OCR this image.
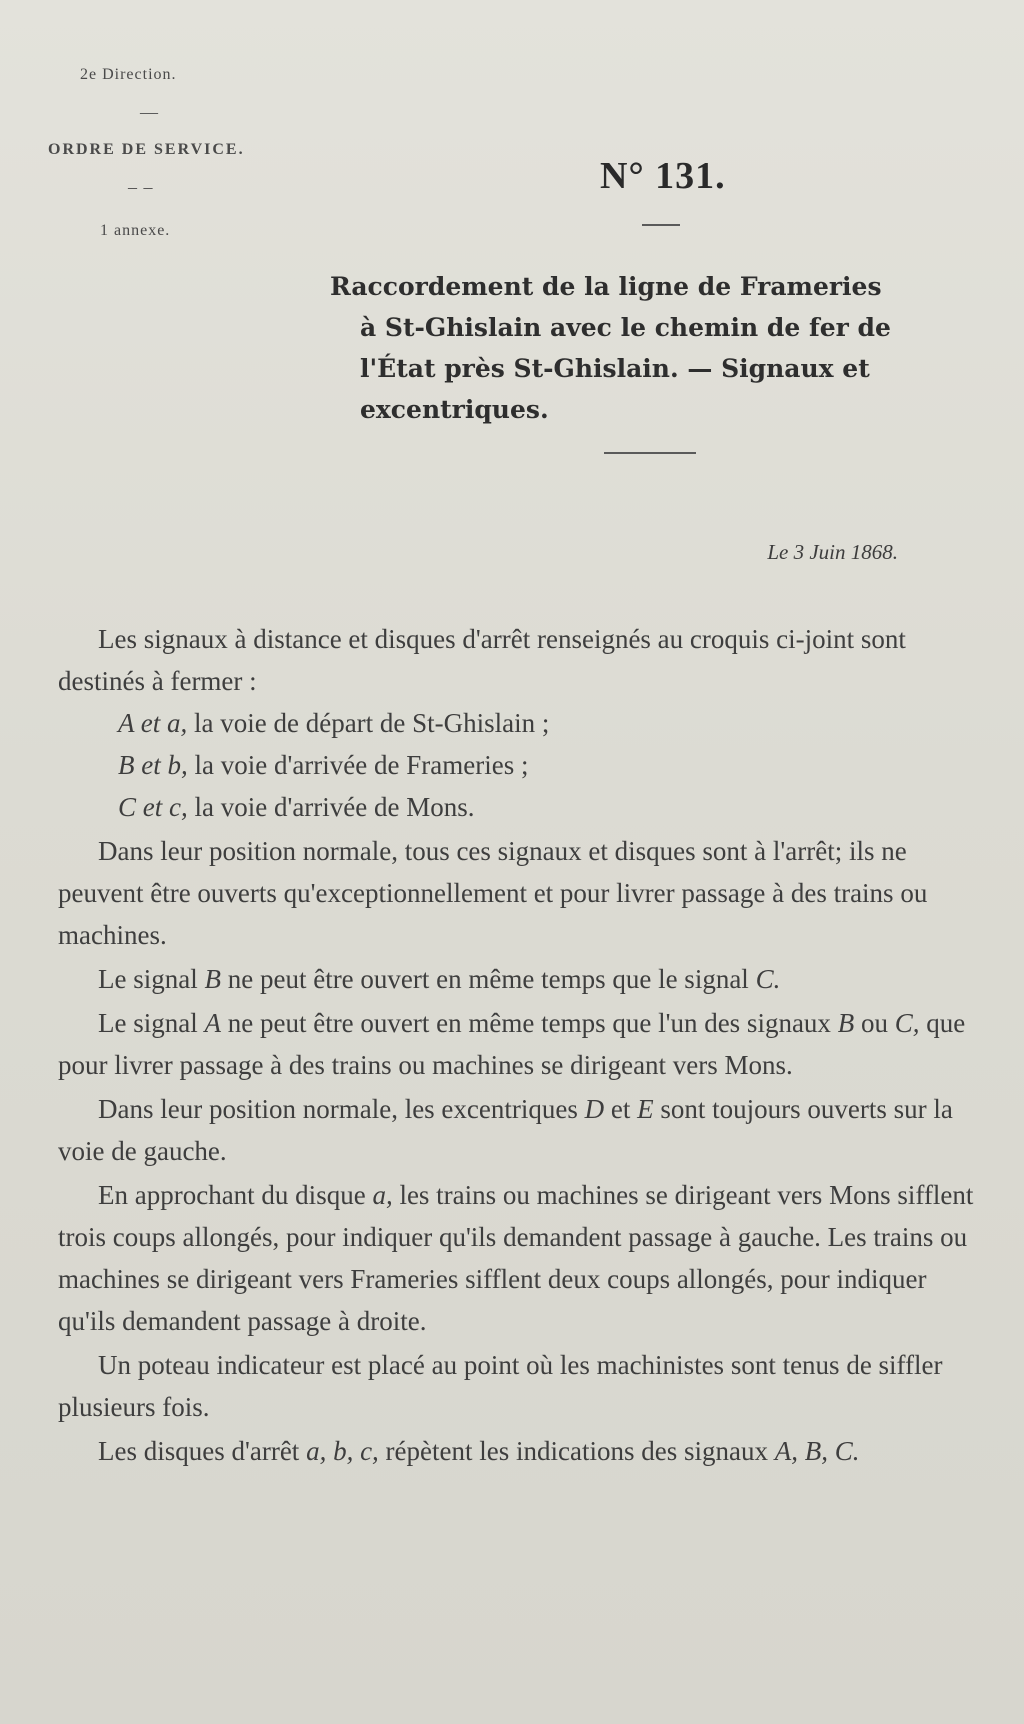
2e Direction.
—
ORDRE DE SERVICE.
– –
1 annexe.
N° 131.
Raccordement de la ligne de Frameries
à St-Ghislain avec le chemin de fer de
l'État près St-Ghislain. — Signaux et
excentriques.
Le 3 Juin 1868.

Les signaux à distance et disques d'arrêt renseignés au croquis ci-joint sont destinés à fermer :

A et a, la voie de départ de St-Ghislain ;

B et b, la voie d'arrivée de Frameries ;

C et c, la voie d'arrivée de Mons.

Dans leur position normale, tous ces signaux et disques sont à l'arrêt; ils ne peuvent être ouverts qu'exceptionnellement et pour livrer passage à des trains ou machines.

Le signal B ne peut être ouvert en même temps que le signal C.

Le signal A ne peut être ouvert en même temps que l'un des signaux B ou C, que pour livrer passage à des trains ou machines se dirigeant vers Mons.

Dans leur position normale, les excentriques D et E sont toujours ouverts sur la voie de gauche.

En approchant du disque a, les trains ou machines se dirigeant vers Mons sifflent trois coups allongés, pour indiquer qu'ils demandent passage à gauche. Les trains ou machines se dirigeant vers Frameries sifflent deux coups allongés, pour indiquer qu'ils demandent passage à droite.

Un poteau indicateur est placé au point où les machinistes sont tenus de siffler plusieurs fois.

Les disques d'arrêt a, b, c, répètent les indications des signaux A, B, C.
